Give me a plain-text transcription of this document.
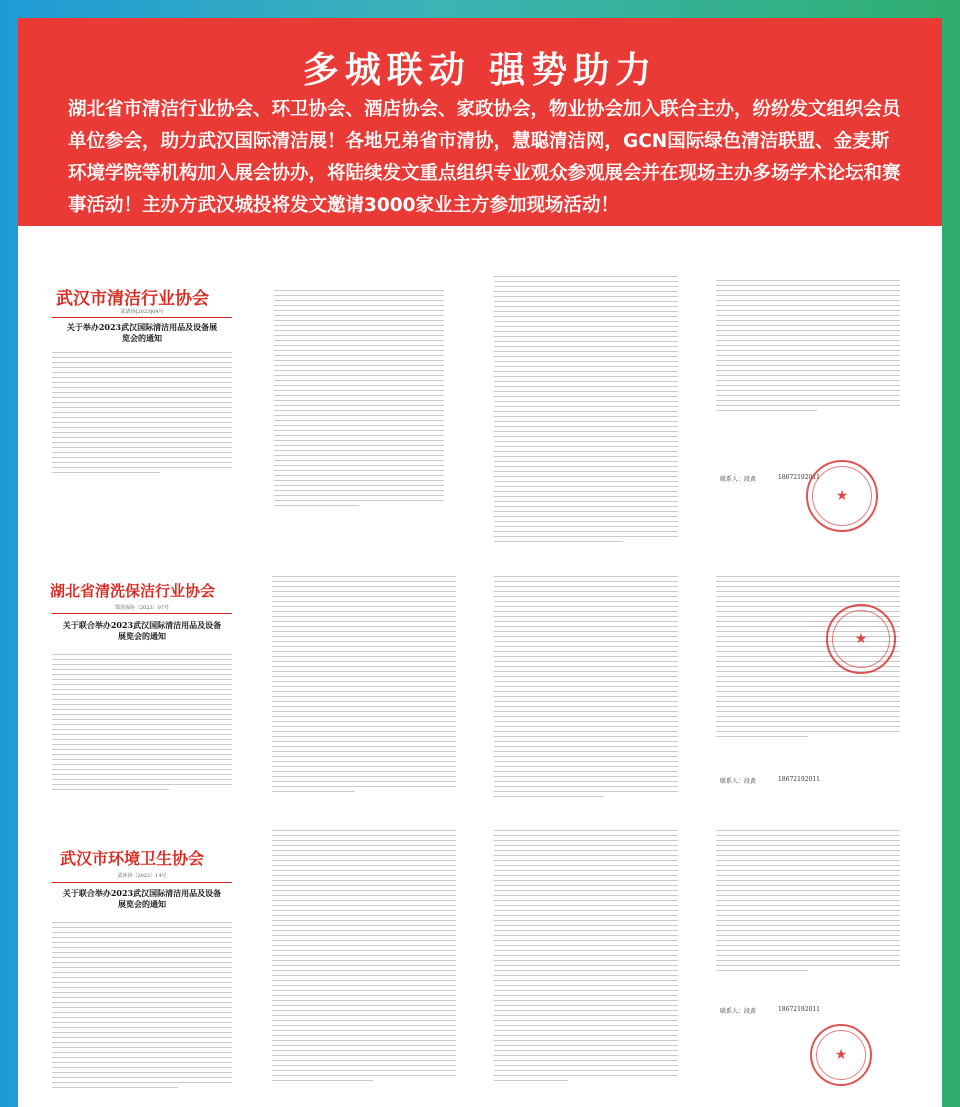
多城联动 强势助力
湖北省市清洁行业协会、环卫协会、酒店协会、家政协会，物业协会加入联合主办，纷纷发文组织会员单位参会，助力武汉国际清洁展！各地兄弟省市清协，慧聪清洁网，GCN国际绿色清洁联盟、金麦斯环境学院等机构加入展会协办，将陆续发文重点组织专业观众参观展会并在现场主办多场学术论坛和赛事活动！主办方武汉城投将发文邀请3000家业主方参加现场活动！
武汉市清洁行业协会
武清协[2023]04号
关于举办2023武汉国际清洁用品及设备展览会的通知
联系人：段黄	18672192011
★
湖北省清洗保洁行业协会
鄂洗保协〔2023〕07号
关于联合举办2023武汉国际清洁用品及设备展览会的通知
联系人：段黄	18672192011
★
武汉市环境卫生协会
武环协〔2023〕14号
关于联合举办2023武汉国际清洁用品及设备展览会的通知
联系人：段黄	18672192011
★
